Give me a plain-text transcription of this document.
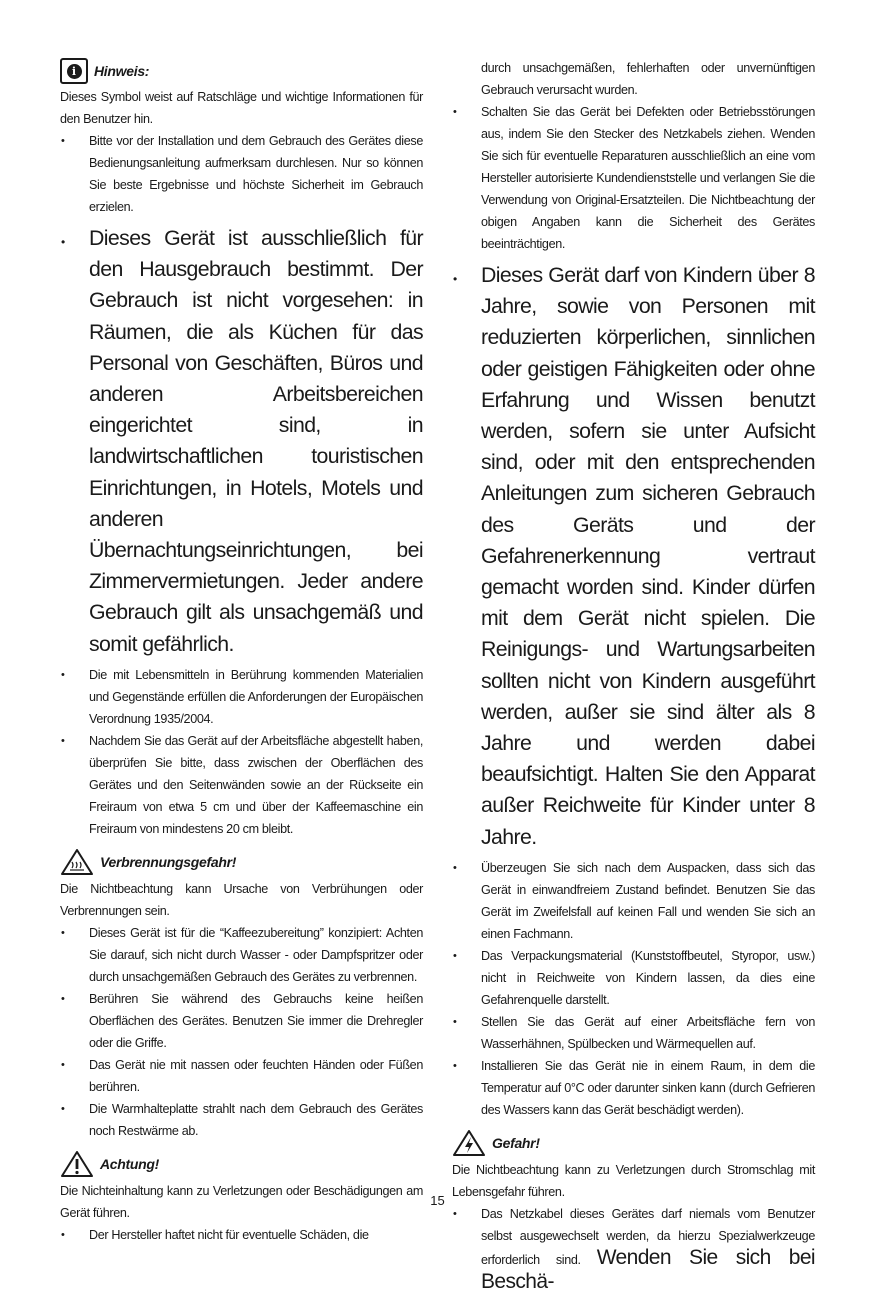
i	Hinweis:

Dieses Symbol weist auf Ratschläge und wichtige Informationen für den Benutzer hin.

• Bitte vor der Installation und dem Gebrauch des Gerätes diese Bedienungsanleitung aufmerksam durchlesen. Nur so können Sie beste Ergebnisse und höchste Sicherheit im Gebrauch erzielen.
• Dieses Gerät ist ausschließlich für den Hausgebrauch bestimmt. Der Gebrauch ist nicht vorgesehen: in Räumen, die als Küchen für das Personal von Geschäften, Büros und anderen Arbeitsbereichen eingerichtet sind, in landwirtschaftlichen touristischen Einrichtungen, in Hotels, Motels und anderen Übernachtungseinrichtungen, bei Zimmervermietungen. Jeder andere Gebrauch gilt als unsachgemäß und somit gefährlich.
• Die mit Lebensmitteln in Berührung kommenden Materialien und Gegenstände erfüllen die Anforderungen der Europäischen Verordnung 1935/2004.
• Nachdem Sie das Gerät auf der Arbeitsfläche abgestellt haben, überprüfen Sie bitte, dass zwischen der Oberflächen des Gerätes und den Seitenwänden sowie an der Rückseite ein Freiraum von etwa 5 cm und über der Kaffeemaschine ein Freiraum von mindestens 20 cm bleibt.
Verbrennungsgefahr!

Die Nichtbeachtung kann Ursache von Verbrühungen oder Verbrennungen sein.

• Dieses Gerät ist für die “Kaffeezubereitung” konzipiert: Achten Sie darauf, sich nicht durch Wasser - oder Dampfspritzer oder durch unsachgemäßen Gebrauch des Gerätes zu verbrennen.
• Berühren Sie während des Gebrauchs keine heißen Oberflächen des Gerätes. Benutzen Sie immer die Drehregler oder die Griffe.
• Das Gerät nie mit nassen oder feuchten Händen oder Füßen berühren.
• Die Warmhalteplatte strahlt nach dem Gebrauch des Gerätes noch Restwärme ab.
Achtung!

Die Nichteinhaltung kann zu Verletzungen oder Beschädigungen am Gerät führen.

• Der Hersteller haftet nicht für eventuelle Schäden, die

durch unsachgemäßen, fehlerhaften oder unvernünftigen Gebrauch verursacht wurden.

• Schalten Sie das Gerät bei Defekten oder Betriebsstörungen aus, indem Sie den Stecker des Netzkabels ziehen. Wenden Sie sich für eventuelle Reparaturen ausschließlich an eine vom Hersteller autorisierte Kundendienststelle und verlangen Sie die Verwendung von Original-Ersatzteilen. Die Nichtbeachtung der obigen Angaben kann die Sicherheit des Gerätes beeinträchtigen.
• Dieses Gerät darf von Kindern über 8 Jahre, sowie von Personen mit reduzierten körperlichen, sinnlichen oder geistigen Fähigkeiten oder ohne Erfahrung und Wissen benutzt werden, sofern sie unter Aufsicht sind, oder mit den entsprechenden Anleitungen zum sicheren Gebrauch des Geräts und der Gefahrenerkennung vertraut gemacht worden sind. Kinder dürfen mit dem Gerät nicht spielen. Die Reinigungs- und Wartungsarbeiten sollten nicht von Kindern ausgeführt werden, außer sie sind älter als 8 Jahre und werden dabei beaufsichtigt. Halten Sie den Apparat außer Reichweite für Kinder unter 8 Jahre.
• Überzeugen Sie sich nach dem Auspacken, dass sich das Gerät in einwandfreiem Zustand befindet. Benutzen Sie das Gerät im Zweifelsfall auf keinen Fall und wenden Sie sich an einen Fachmann.
• Das Verpackungsmaterial (Kunststoffbeutel, Styropor, usw.) nicht in Reichweite von Kindern lassen, da dies eine Gefahrenquelle darstellt.
• Stellen Sie das Gerät auf einer Arbeitsfläche fern von Wasserhähnen, Spülbecken und Wärmequellen auf.
• Installieren Sie das Gerät nie in einem Raum, in dem die Temperatur auf 0°C oder darunter sinken kann (durch Gefrieren des Wassers kann das Gerät beschädigt werden).
Gefahr!

Die Nichtbeachtung kann zu Verletzungen durch Stromschlag mit Lebensgefahr führen.

• Das Netzkabel dieses Gerätes darf niemals vom Benutzer selbst ausgewechselt werden, da hierzu Spezialwerkzeuge erforderlich sind. Wenden Sie sich bei Beschä-
15
